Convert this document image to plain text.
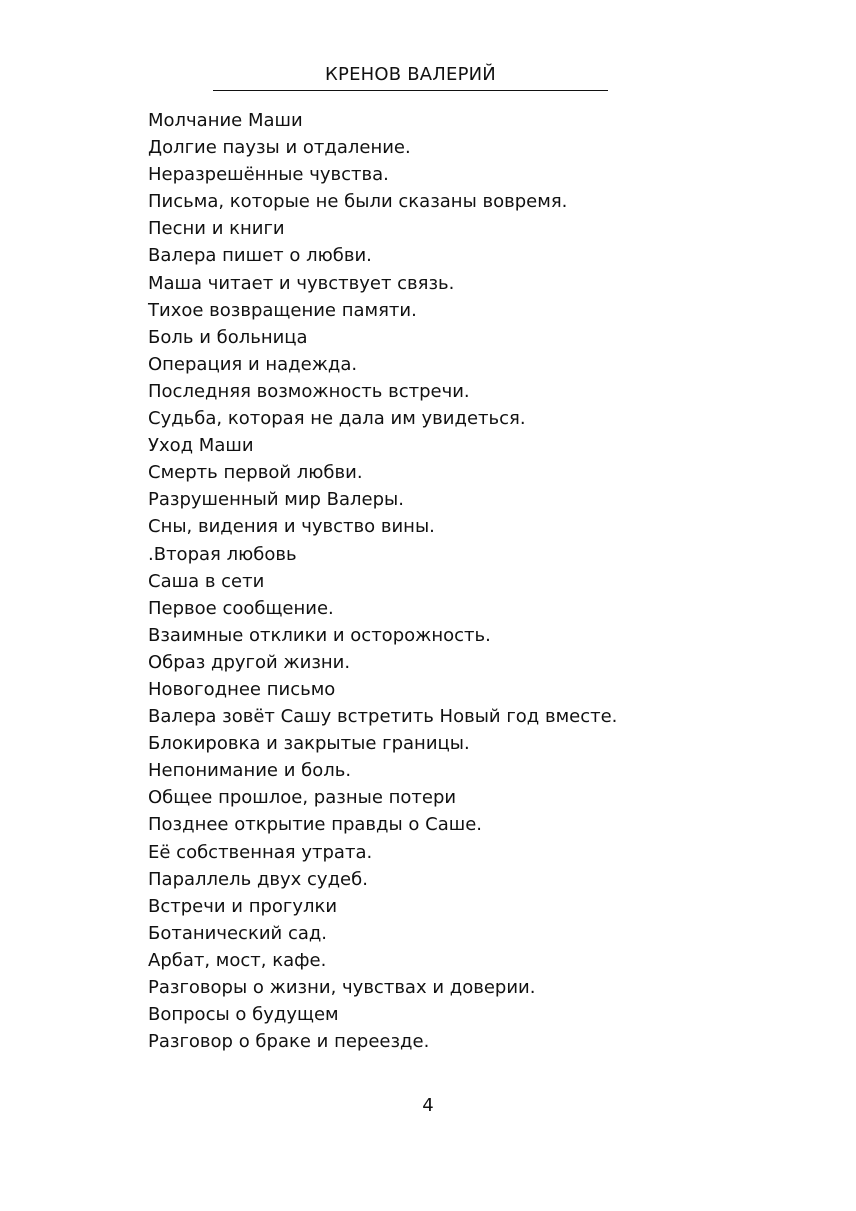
КРЕНОВ ВАЛЕРИЙ
Молчание Маши
Долгие паузы и отдаление.
Неразрешённые чувства.
Письма, которые не были сказаны вовремя.
Песни и книги
Валера пишет о любви.
Маша читает и чувствует связь.
Тихое возвращение памяти.
Боль и больница
Операция и надежда.
Последняя возможность встречи.
Судьба, которая не дала им увидеться.
Уход Маши
Смерть первой любви.
Разрушенный мир Валеры.
Сны, видения и чувство вины.
.Вторая любовь
Саша в сети
Первое сообщение.
Взаимные отклики и осторожность.
Образ другой жизни.
Новогоднее письмо
Валера зовёт Сашу встретить Новый год вместе.
Блокировка и закрытые границы.
Непонимание и боль.
Общее прошлое, разные потери
Позднее открытие правды о Саше.
Её собственная утрата.
Параллель двух судеб.
Встречи и прогулки
Ботанический сад.
Арбат, мост, кафе.
Разговоры о жизни, чувствах и доверии.
Вопросы о будущем
Разговор о браке и переезде.
4
